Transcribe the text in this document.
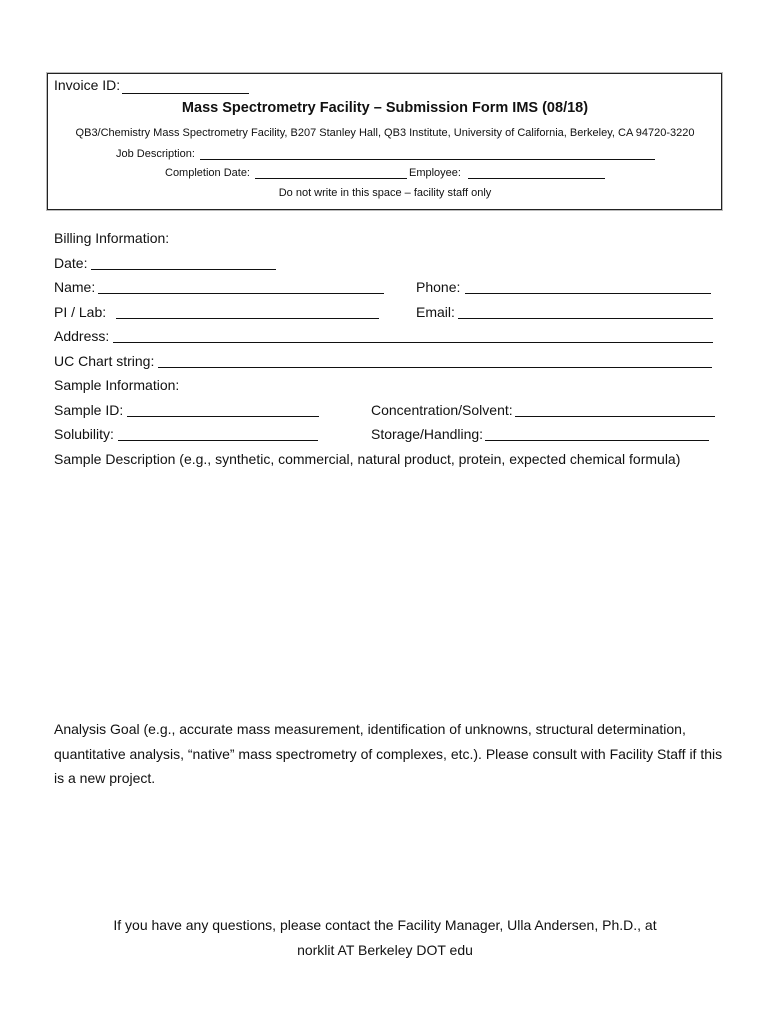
Invoice ID:
Mass Spectrometry Facility – Submission Form IMS (08/18)
QB3/Chemistry Mass Spectrometry Facility, B207 Stanley Hall, QB3 Institute, University of California, Berkeley, CA 94720-3220
Job Description:
Completion Date:	Employee:
Do not write in this space – facility staff only
Billing Information:
Date:
Name:	Phone:
PI / Lab:	Email:
Address:
UC Chart string:
Sample Information:
Sample ID:	Concentration/Solvent:
Solubility:	Storage/Handling:
Sample Description (e.g., synthetic, commercial, natural product, protein, expected chemical formula)
Analysis Goal (e.g., accurate mass measurement, identification of unknowns, structural determination,
quantitative analysis, “native” mass spectrometry of complexes, etc.). Please consult with Facility Staff if this
is a new project.
If you have any questions, please contact the Facility Manager, Ulla Andersen, Ph.D., at
norklit AT Berkeley DOT edu
